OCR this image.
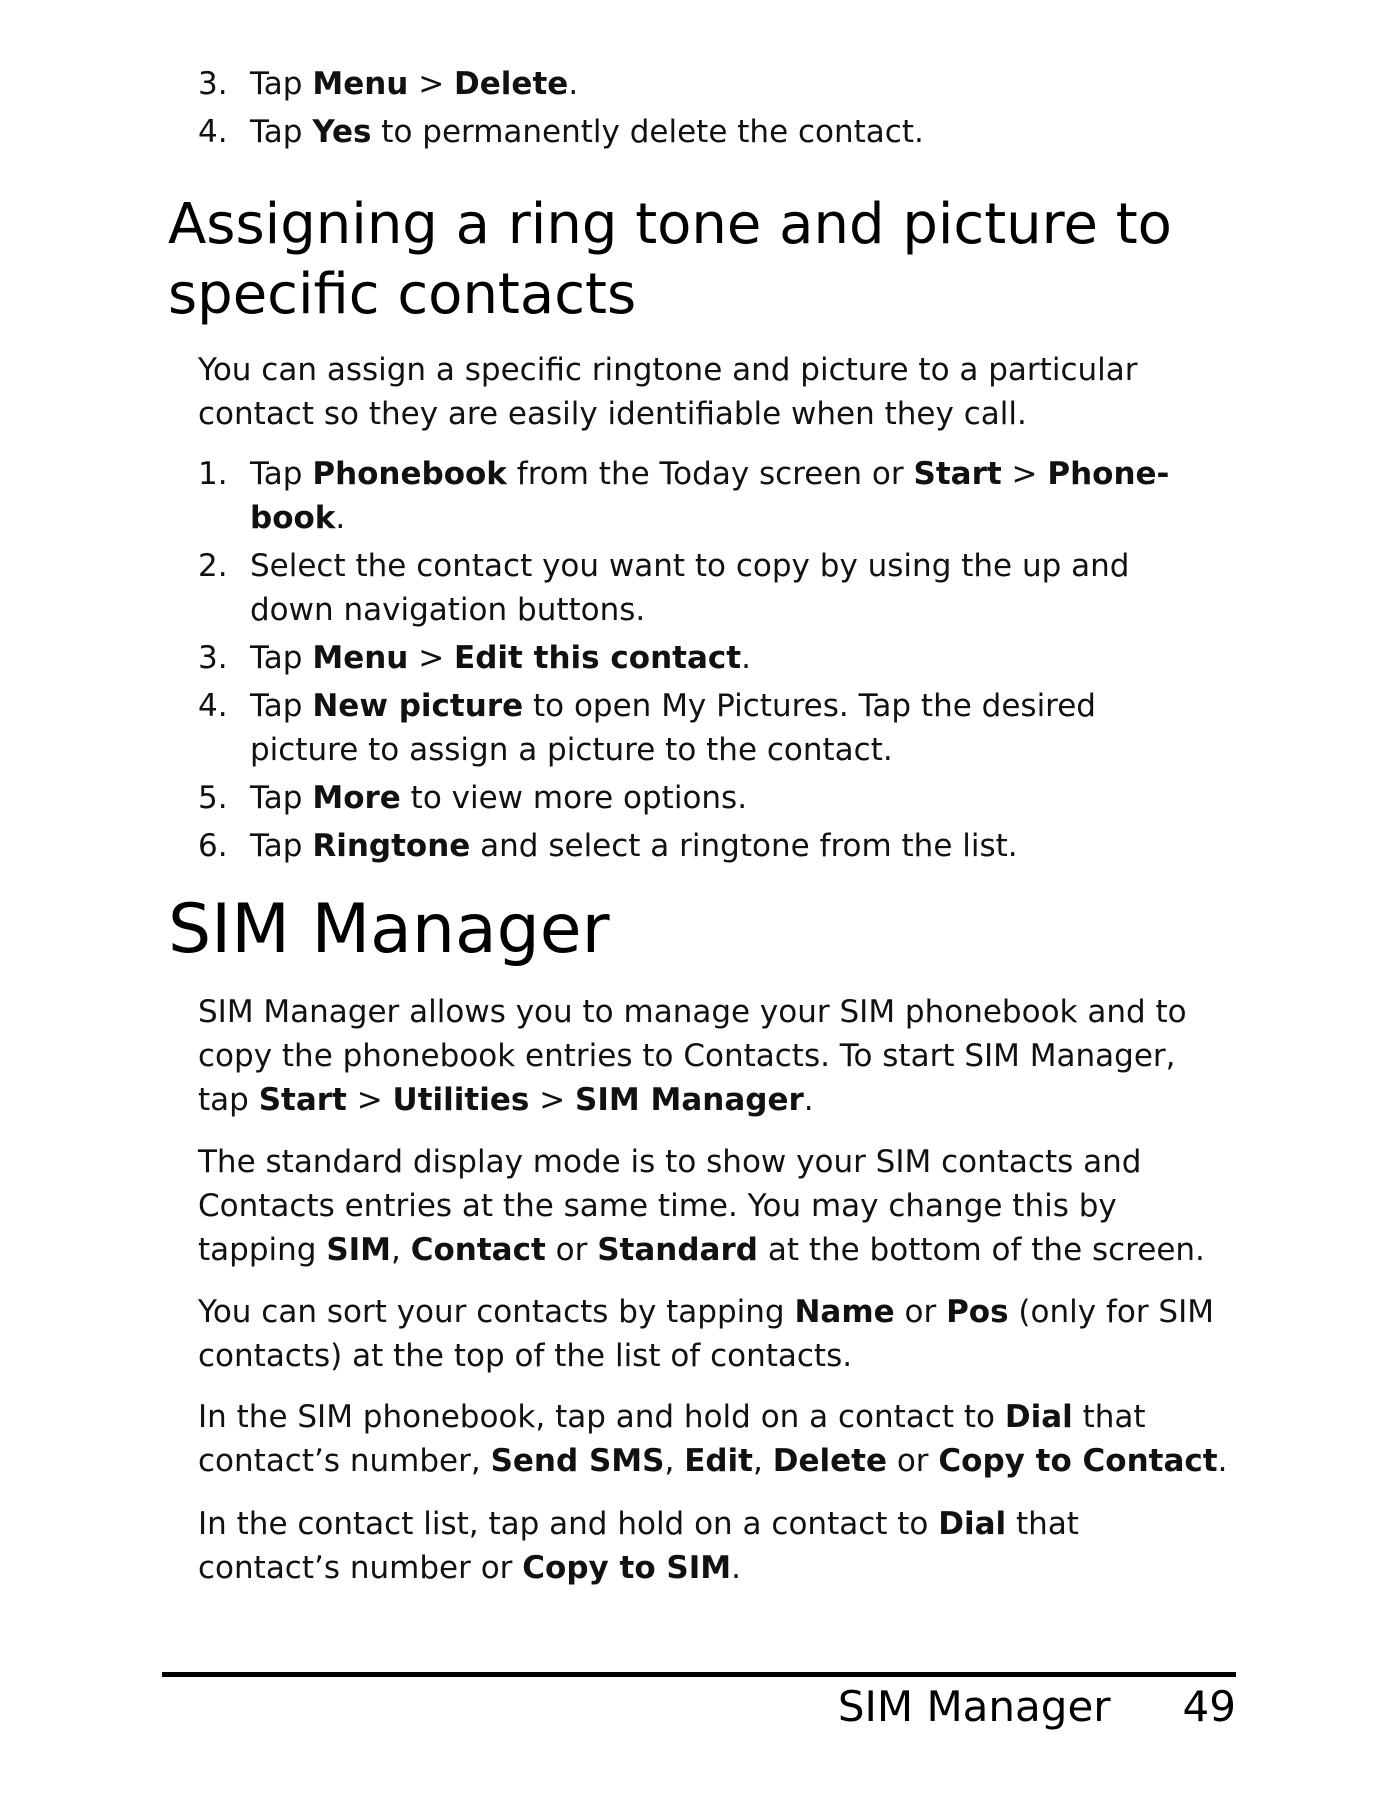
3. Tap Menu > Delete.
4. Tap Yes to permanently delete the contact.
Assigning a ring tone and picture to specific contacts

You can assign a specific ringtone and picture to a particular contact so they are easily identifiable when they call.

1. Tap Phonebook from the Today screen or Start > Phone-book.
2. Select the contact you want to copy by using the up and down navigation buttons.
3. Tap Menu > Edit this contact.
4. Tap New picture to open My Pictures. Tap the desired picture to assign a picture to the contact.
5. Tap More to view more options.
6. Tap Ringtone and select a ringtone from the list.
SIM Manager

SIM Manager allows you to manage your SIM phonebook and to copy the phonebook entries to Contacts. To start SIM Manager, tap Start > Utilities > SIM Manager.

The standard display mode is to show your SIM contacts and Contacts entries at the same time. You may change this by tapping SIM, Contact or Standard at the bottom of the screen.

You can sort your contacts by tapping Name or Pos (only for SIM contacts) at the top of the list of contacts.

In the SIM phonebook, tap and hold on a contact to Dial that contact’s number, Send SMS, Edit, Delete or Copy to Contact.

In the contact list, tap and hold on a contact to Dial that contact’s number or Copy to SIM.

SIM Manager 49
